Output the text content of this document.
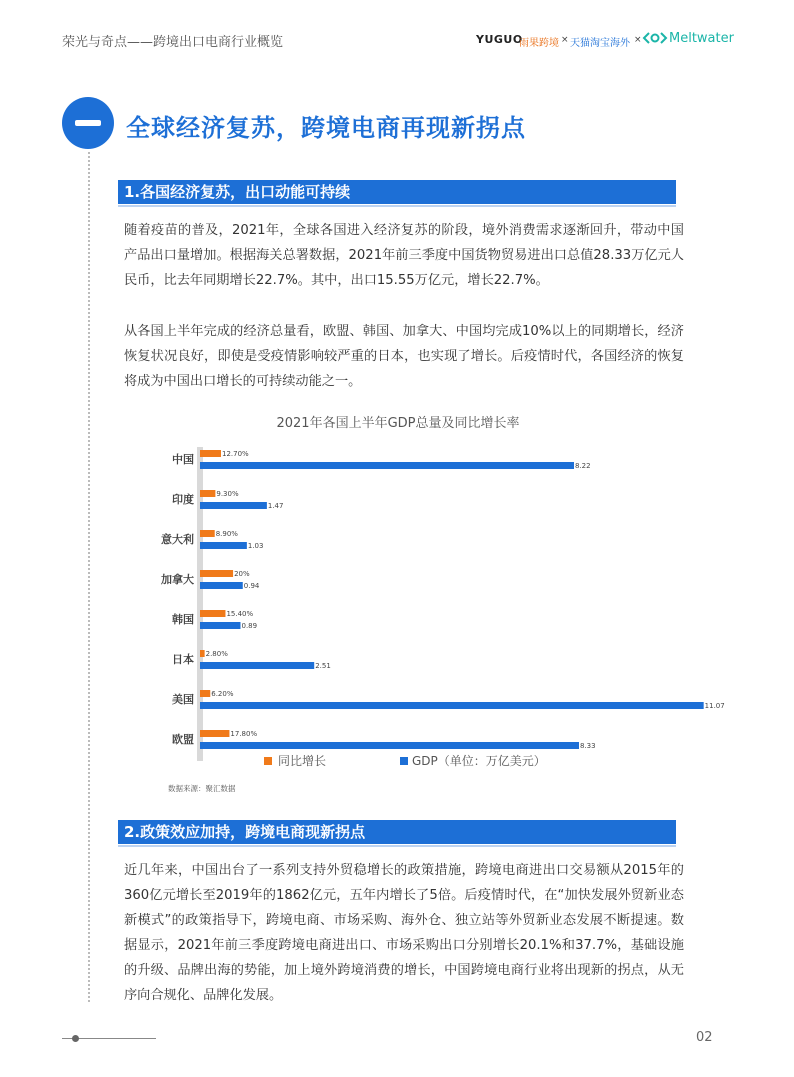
荣光与奇点——跨境出口电商行业概览	YUGUO
雨果跨境 × 天猫淘宝海外 × Meltwater
全球经济复苏，跨境电商再现新拐点
1.各国经济复苏，出口动能可持续
随着疫苗的普及，2021年，全球各国进入经济复苏的阶段，境外消费需求逐渐回升，带动中国产品出口量增加。根据海关总署数据，2021年前三季度中国货物贸易进出口总值28.33万亿元人民币，比去年同期增长22.7%。其中，出口15.55万亿元，增长22.7%。
从各国上半年完成的经济总量看，欧盟、韩国、加拿大、中国均完成10%以上的同期增长，经济恢复状况良好，即使是受疫情影响较严重的日本，也实现了增长。后疫情时代，各国经济的恢复将成为中国出口增长的可持续动能之一。
2021年各国上半年GDP总量及同比增长率
中国	12.70%
8.22
印度	9.30%
1.47
意大利	8.90%
1.03
加拿大	20%
0.94
韩国	15.40%
0.89
日本 2.80%
2.51
美国 6.20%
11.07
欧盟	17.80%
8.33
同比增长	GDP（单位：万亿美元）
数据来源：聚汇数据
2.政策效应加持，跨境电商现新拐点
近几年来，中国出台了一系列支持外贸稳增长的政策措施，跨境电商进出口交易额从2015年的360亿元增长至2019年的1862亿元，五年内增长了5倍。后疫情时代，在“加快发展外贸新业态新模式”的政策指导下，跨境电商、市场采购、海外仓、独立站等外贸新业态发展不断提速。数据显示，2021年前三季度跨境电商进出口、市场采购出口分别增长20.1%和37.7%，基础设施的升级、品牌出海的势能，加上境外跨境消费的增长，中国跨境电商行业将出现新的拐点，从无序向合规化、品牌化发展。
02
